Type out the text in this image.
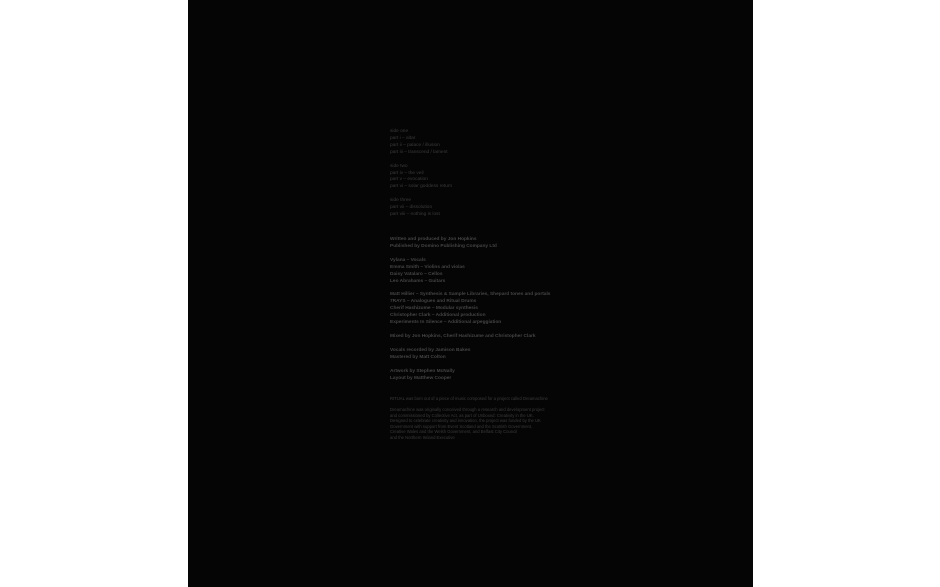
side one
part i – altar
part ii – palace / illusion
part iii – transcend / lament
side two
part iv – the veil
part v – evocation
part vi – solar goddess return
side three
part vii – dissolution
part viii – nothing is lost
Written and produced by Jon Hopkins
Published by Domino Publishing Company Ltd
Vylana – Vocals
Emma Smith – Violins and violas
Daisy Vatalaro – Cellos
Leo Abrahams – Guitars
Matt Hillier – Synthesis & Sample Libraries, Shepard tones and portals
7RAYS – Analogues and Ritual Drums
Cherif Hashizume – Modular synthesis
Christopher Clark – Additional production
Experiments In Silence – Additional arpeggiation
Mixed by Jon Hopkins, Cherif Hashizume and Christopher Clark
Vocals recorded by Jamison Baken
Mastered by Matt Colton
Artwork by Stephen McNally
Layout by Matthew Cooper
RITUAL was born out of a piece of music composed for a project called Dreamachine
Dreamachine was originally conceived through a research and development project
and commissioned by Collective Act, as part of Unboxed: Creativity in the UK.
Designed to celebrate creativity and innovation, the project was funded by the UK
Government with support from Event Scotland and the Scottish Government,
Creative Wales and the Welsh Government, and Belfast City Council
and the Northern Ireland Executive
